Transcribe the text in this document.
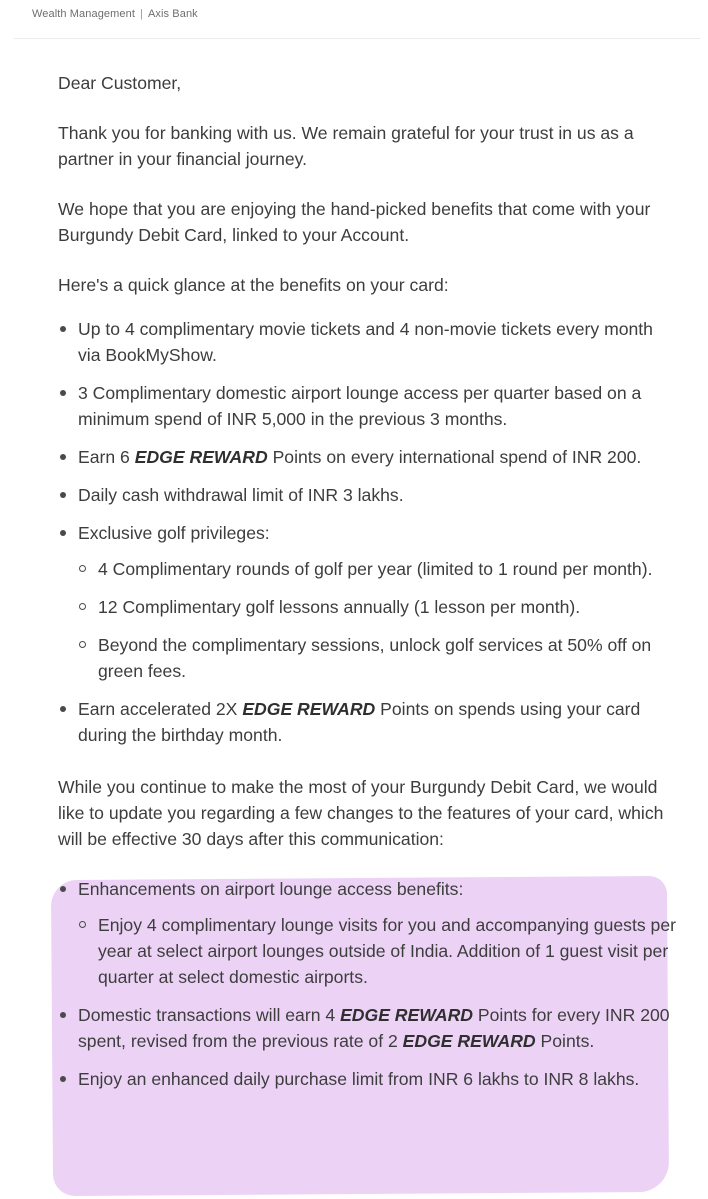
Wealth Management | Axis Bank

Dear Customer,

Thank you for banking with us. We remain grateful for your trust in us as a partner in your financial journey.

We hope that you are enjoying the hand-picked benefits that come with your Burgundy Debit Card, linked to your Account.

Here's a quick glance at the benefits on your card:

Up to 4 complimentary movie tickets and 4 non-movie tickets every month via BookMyShow.
3 Complimentary domestic airport lounge access per quarter based on a minimum spend of INR 5,000 in the previous 3 months.
Earn 6 EDGE REWARD Points on every international spend of INR 200.
Daily cash withdrawal limit of INR 3 lakhs.
Exclusive golf privileges:
4 Complimentary rounds of golf per year (limited to 1 round per month).
12 Complimentary golf lessons annually (1 lesson per month).
Beyond the complimentary sessions, unlock golf services at 50% off on green fees.
Earn accelerated 2X EDGE REWARD Points on spends using your card during the birthday month.

While you continue to make the most of your Burgundy Debit Card, we would like to update you regarding a few changes to the features of your card, which will be effective 30 days after this communication:

Enhancements on airport lounge access benefits:
Enjoy 4 complimentary lounge visits for you and accompanying guests per year at select airport lounges outside of India. Addition of 1 guest visit per quarter at select domestic airports.
Domestic transactions will earn 4 EDGE REWARD Points for every INR 200 spent, revised from the previous rate of 2 EDGE REWARD Points.
Enjoy an enhanced daily purchase limit from INR 6 lakhs to INR 8 lakhs.
